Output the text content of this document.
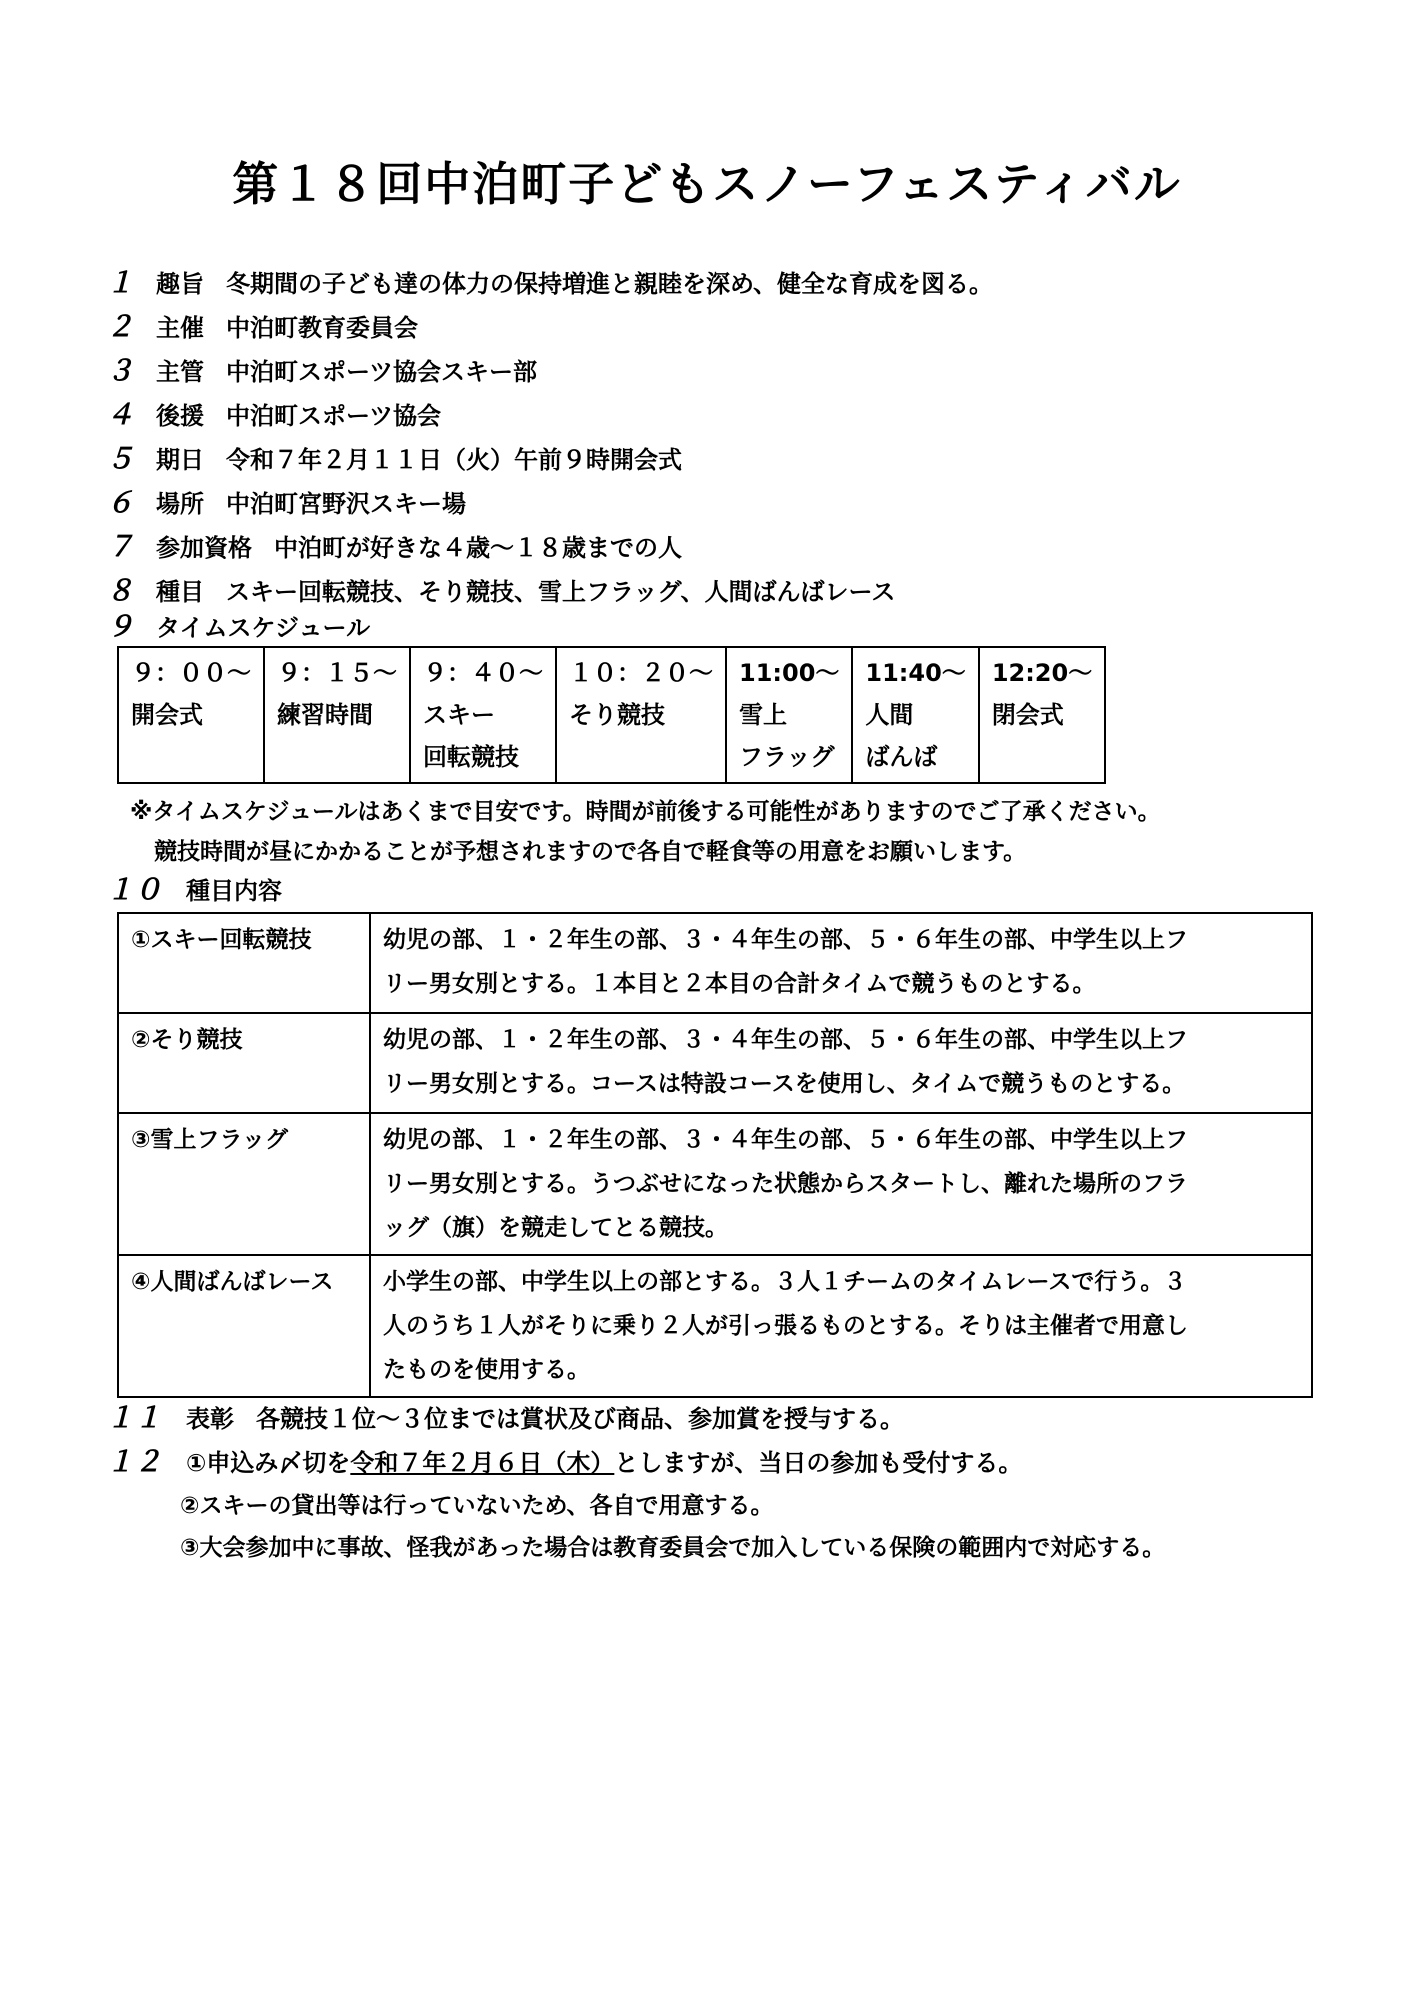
第１８回中泊町子どもスノーフェスティバル
１ 趣旨 冬期間の子ども達の体力の保持増進と親睦を深め、健全な育成を図る。
２ 主催 中泊町教育委員会
３ 主管 中泊町スポーツ協会スキー部
４ 後援 中泊町スポーツ協会
５ 期日 令和７年２月１１日（火）午前９時開会式
６ 場所 中泊町宮野沢スキー場
７ 参加資格 中泊町が好きな４歳～１８歳までの人
８ 種目 スキー回転競技、そり競技、雪上フラッグ、人間ばんばレース
９ タイムスケジュール
９：００～
開会式

９：１５～
練習時間

９：４０～
スキー
回転競技

１０：２０～
そり競技

11:00～
雪上
フラッグ

11:40～
人間
ばんば

12:20～
閉会式
※タイムスケジュールはあくまで目安です。時間が前後する可能性がありますのでご了承ください。
競技時間が昼にかかることが予想されますので各自で軽食等の用意をお願いします。
１０ 種目内容
①スキー回転競技	幼児の部、１・２年生の部、３・４年生の部、５・６年生の部、中学生以上フ
リー男女別とする。１本目と２本目の合計タイムで競うものとする。

②そり競技	幼児の部、１・２年生の部、３・４年生の部、５・６年生の部、中学生以上フ
リー男女別とする。コースは特設コースを使用し、タイムで競うものとする。

③雪上フラッグ	幼児の部、１・２年生の部、３・４年生の部、５・６年生の部、中学生以上フ
リー男女別とする。うつぶせになった状態からスタートし、離れた場所のフラ
ッグ（旗）を競走してとる競技。

④人間ばんばレース	小学生の部、中学生以上の部とする。３人１チームのタイムレースで行う。３
人のうち１人がそりに乗り２人が引っ張るものとする。そりは主催者で用意し
たものを使用する。
１１ 表彰 各競技１位～３位までは賞状及び商品、参加賞を授与する。
１２ ①申込み〆切を令和７年２月６日（木）としますが、当日の参加も受付する。
②スキーの貸出等は行っていないため、各自で用意する。
③大会参加中に事故、怪我があった場合は教育委員会で加入している保険の範囲内で対応する。
